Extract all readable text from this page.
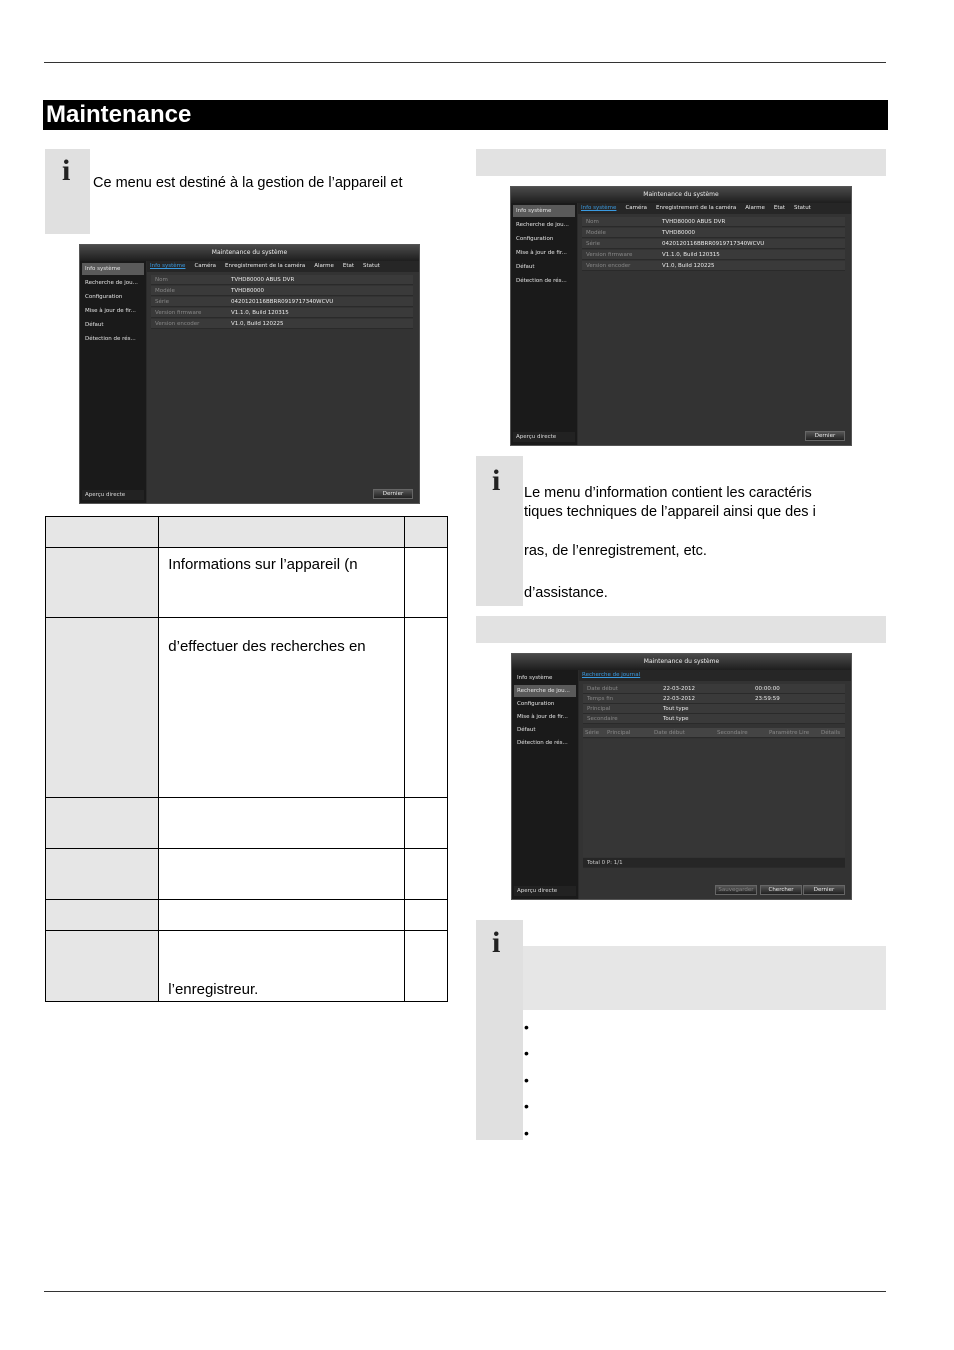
Maintenance
i Ce menu est destiné à la gestion de l’appareil et
Maintenance du système
Info système
Recherche de jou...
Configuration
Mise à jour de fir...
Défaut
Détection de rés...
Aperçu directe
Info système Caméra Enregistrement de la caméra Alarme Etat Statut
Nom	TVHD80000 ABUS DVR
Modèle	TVHD80000
Série	0420120116BBRR0919717340WCVU
Version firmware	V1.1.0, Build 120315
Version encoder	V1.0, Build 120225
Dernier

	Informations sur l’appareil (n	
	d’effectuer des recherches en	

	l’enregistreur.	
Maintenance du système
Info système
Recherche de jou...
Configuration
Mise à jour de fir...
Défaut
Détection de rés...
Aperçu directe
Info système Caméra Enregistrement de la caméra Alarme Etat Statut
Nom	TVHD80000 ABUS DVR
Modèle	TVHD80000
Série	0420120116BBRR0919717340WCVU
Version firmware	V1.1.0, Build 120315
Version encoder	V1.0, Build 120225
Dernier
i Le menu d’information contient les caractéris
tiques techniques de l’appareil ainsi que des i
ras, de l’enregistrement, etc.
d’assistance.
Maintenance du système
Info système
Recherche de jou...
Configuration
Mise à jour de fir...
Défaut
Détection de rés...
Aperçu directe
Recherche de journal
Date début	22-03-2012	00:00:00
Temps fin	22-03-2012	23:59:59
Principal	Tout type
Secondaire	Tout type
Série Principal	Date début	Secondaire	Paramètre Lire Détails
Total 0 P: 1/1
Sauvegarder	Chercher	Dernier
i
•
•
•
•
•
